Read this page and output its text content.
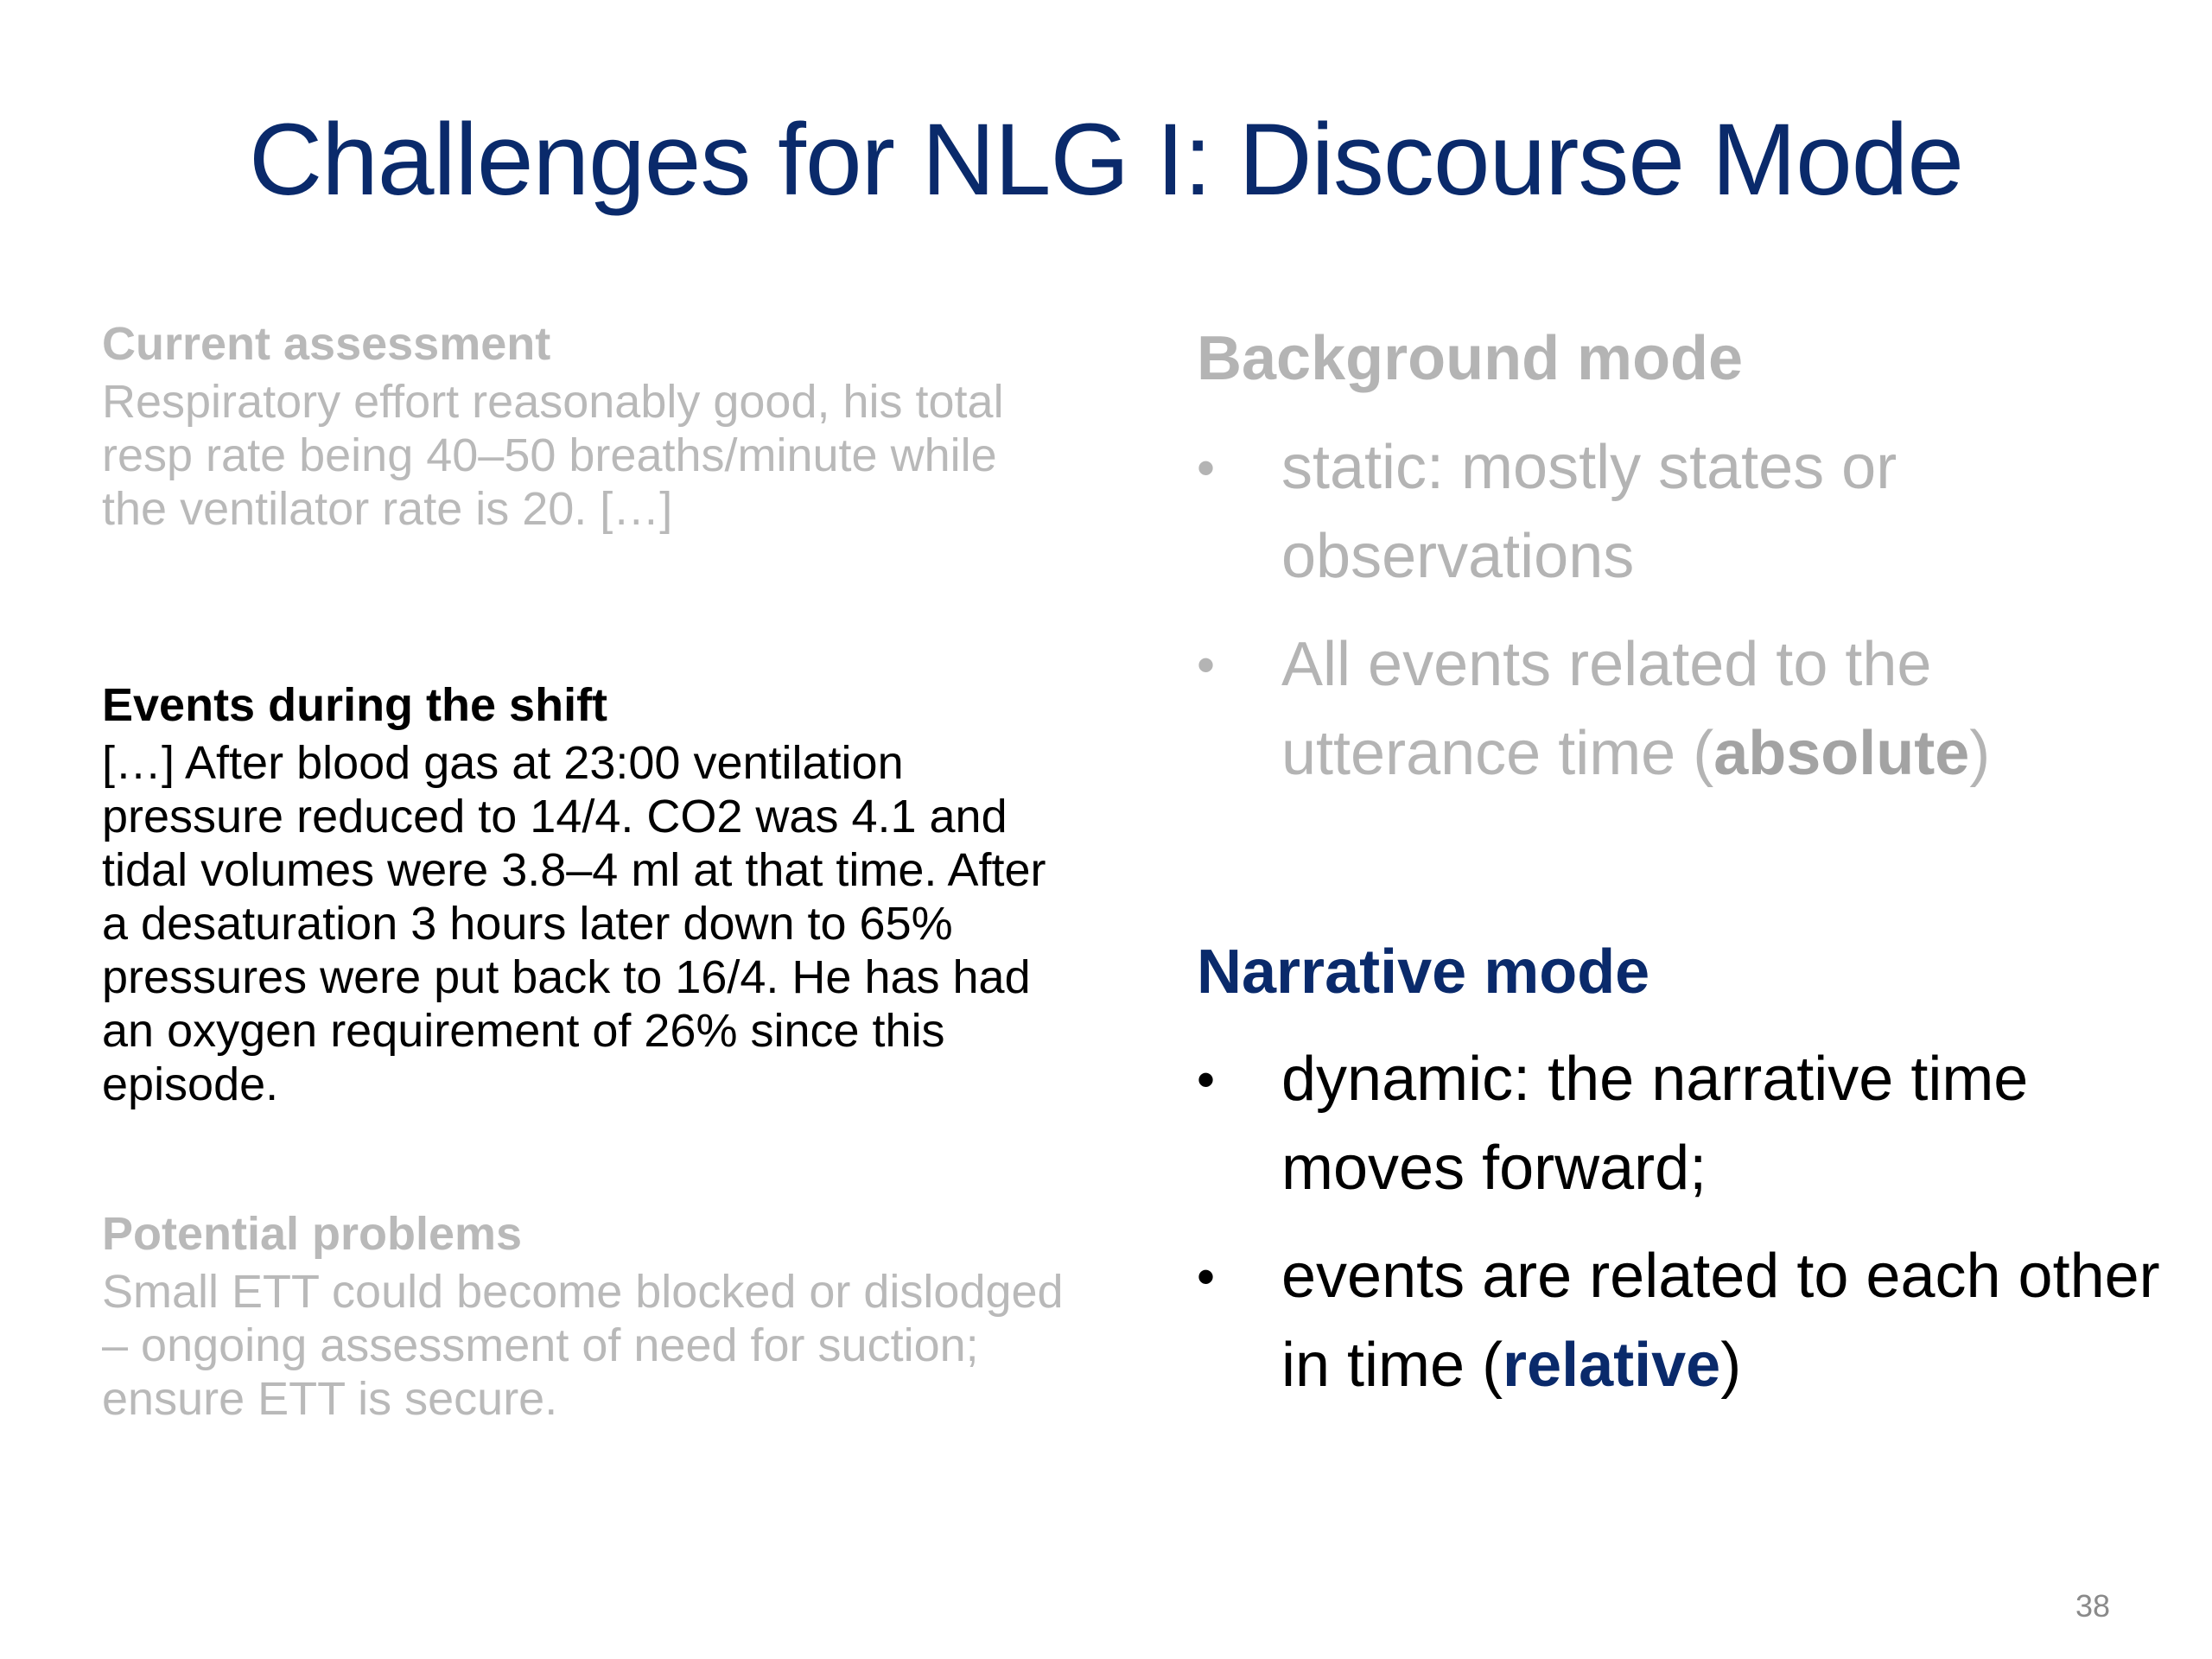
Challenges for NLG I: Discourse Mode
Current assessment
Respiratory effort reasonably good, his total resp rate being 40–50 breaths/minute while the ventilator rate is 20. […]
Events during the shift
[…] After blood gas at 23:00 ventilation pressure reduced to 14/4. CO2 was 4.1 and tidal volumes were 3.8–4 ml at that time. After a desaturation 3 hours later down to 65% pressures were put back to 16/4. He has had an oxygen requirement of 26% since this episode.
Potential problems
Small ETT could become blocked or dislodged – ongoing assessment of need for suction; ensure ETT is secure.
Background mode
• static: mostly states or observations
• All events related to the utterance time (absolute)
Narrative mode
• dynamic: the narrative time moves forward;
• events are related to each other in time (relative)
38
